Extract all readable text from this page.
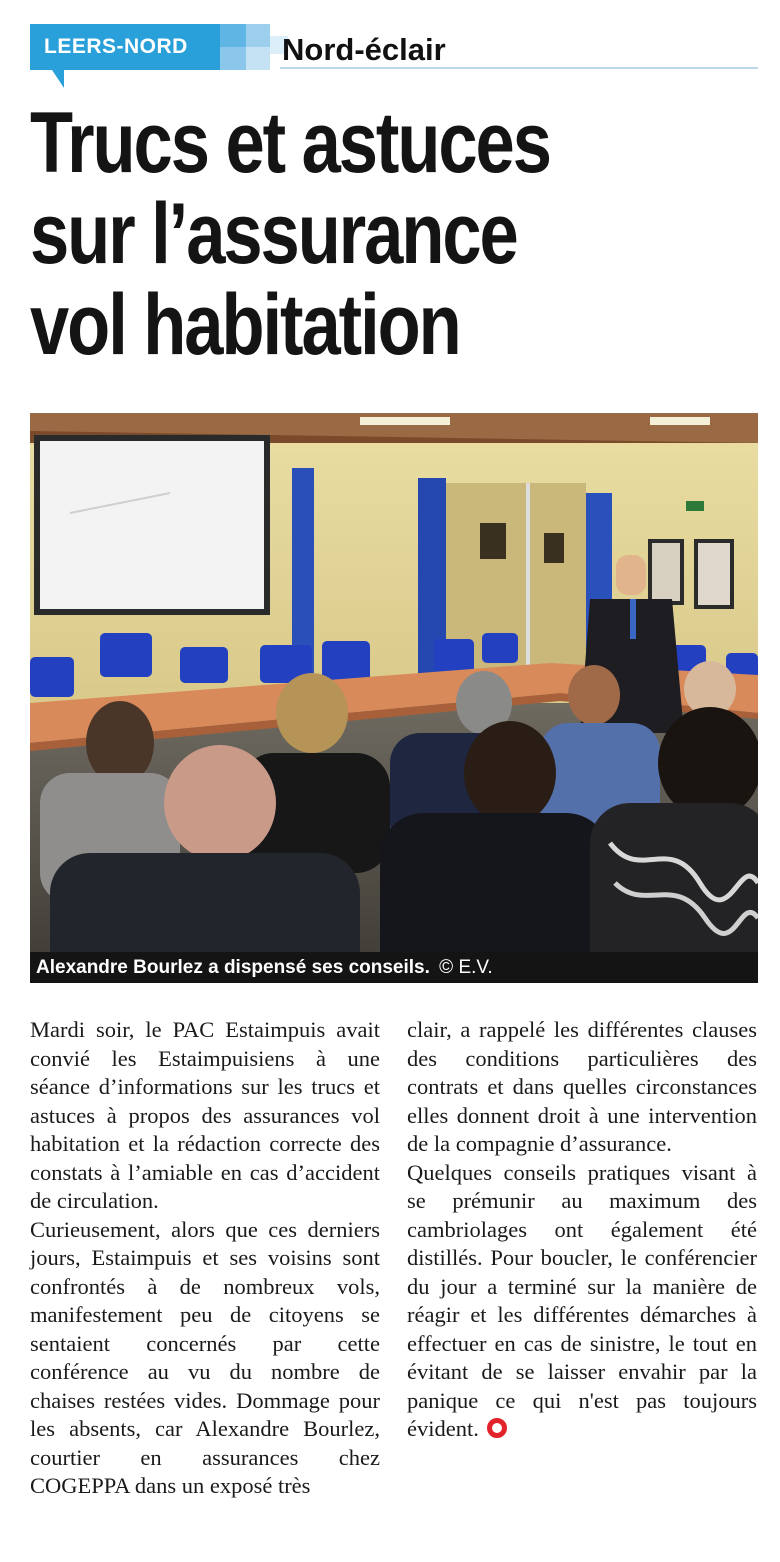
LEERS-NORD	Nord-éclair
Trucs et astuces
sur l’assurance
vol habitation
Alexandre Bourlez a dispensé ses conseils. © E.V.

Mardi soir, le PAC Estaimpuis avait convié les Estaimpuisiens à une séance d’informations sur les trucs et astuces à propos des assurances vol habitation et la rédaction correcte des constats à l’amiable en cas d’accident de circulation.

Curieusement, alors que ces derniers jours, Estaimpuis et ses voisins sont confrontés à de nombreux vols, manifestement peu de citoyens se sentaient concernés par cette conférence au vu du nombre de chaises restées vides. Dommage pour les absents, car Alexandre Bourlez, courtier en assurances chez COGEPPA dans un exposé très

clair, a rappelé les différentes clauses des conditions particulières des contrats et dans quelles circonstances elles donnent droit à une intervention de la compagnie d’assurance.

Quelques conseils pratiques visant à se prémunir au maximum des cambriolages ont également été distillés. Pour boucler, le conférencier du jour a terminé sur la manière de réagir et les différentes démarches à effectuer en cas de sinistre, le tout en évitant de se laisser envahir par la panique ce qui n'est pas toujours évident.
